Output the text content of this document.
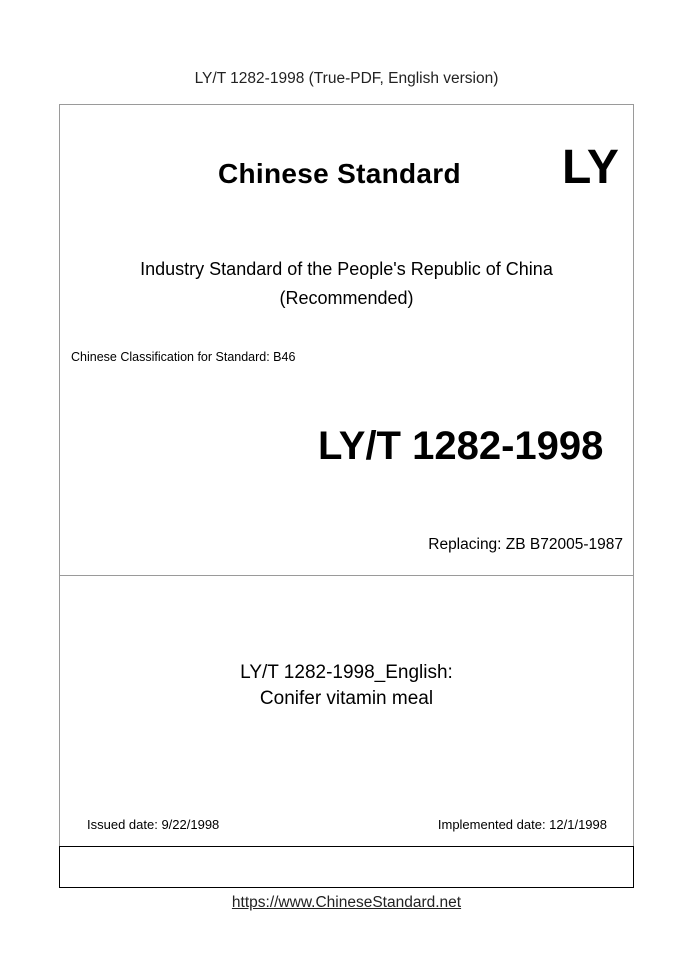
LY/T 1282-1998 (True-PDF, English version)
Chinese Standard LY
Industry Standard of the People's Republic of China
(Recommended)
Chinese Classification for Standard: B46
LY/T 1282-1998
Replacing: ZB B72005-1987
LY/T 1282-1998_English:
Conifer vitamin meal
Issued date: 9/22/1998	Implemented date: 12/1/1998
https://www.ChineseStandard.net
